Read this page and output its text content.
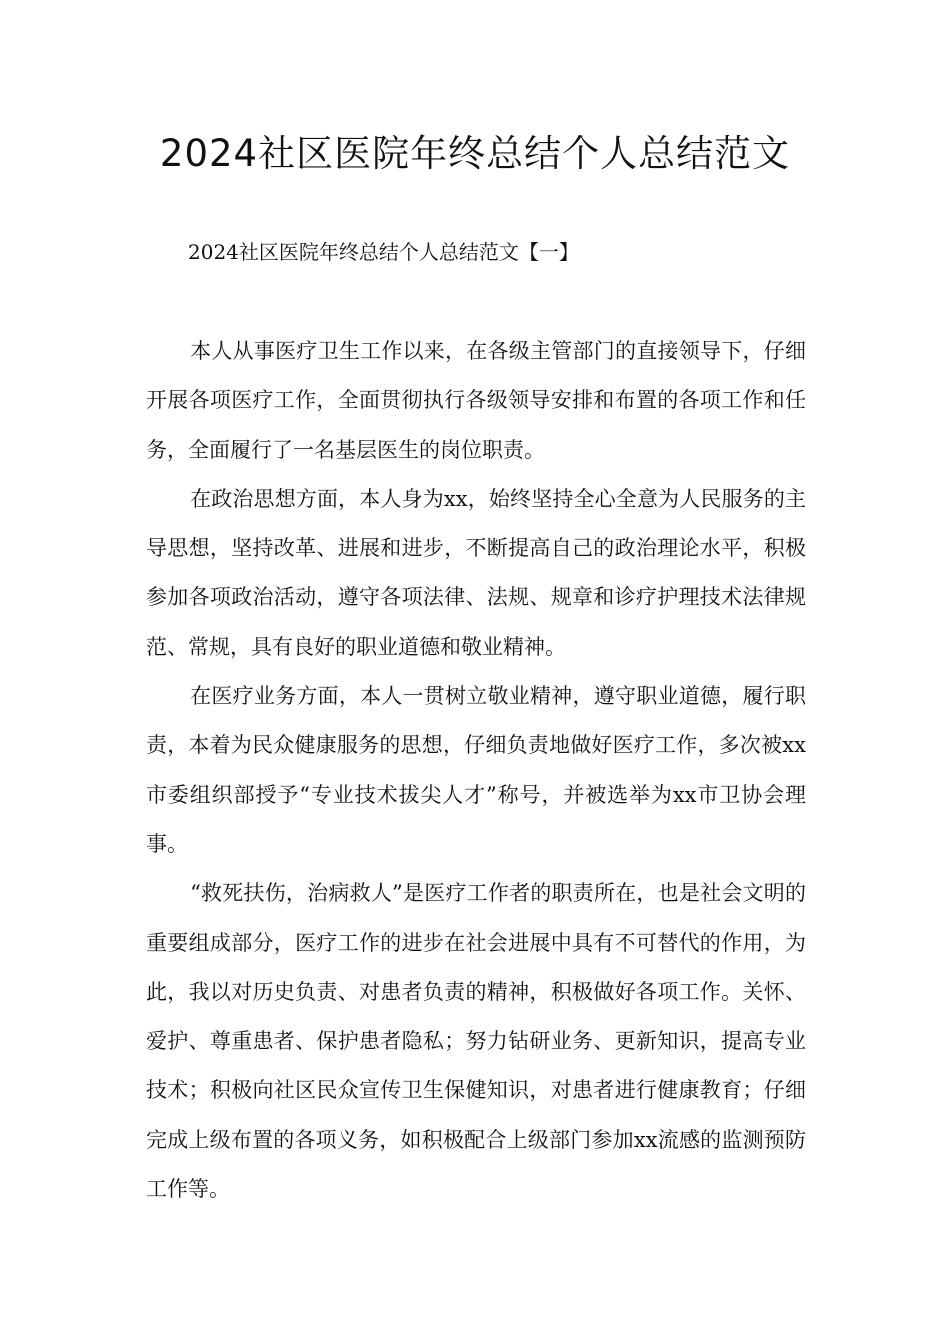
2024社区医院年终总结个人总结范文
2024社区医院年终总结个人总结范文【一】

本人从事医疗卫生工作以来，在各级主管部门的直接领导下，仔细开展各项医疗工作，全面贯彻执行各级领导安排和布置的各项工作和任务，全面履行了一名基层医生的岗位职责。

在政治思想方面，本人身为xx，始终坚持全心全意为人民服务的主导思想，坚持改革、进展和进步，不断提高自己的政治理论水平，积极参加各项政治活动，遵守各项法律、法规、规章和诊疗护理技术法律规范、常规，具有良好的职业道德和敬业精神。

在医疗业务方面，本人一贯树立敬业精神，遵守职业道德，履行职责，本着为民众健康服务的思想，仔细负责地做好医疗工作，多次被xx市委组织部授予“专业技术拔尖人才”称号，并被选举为xx市卫协会理事。

“救死扶伤，治病救人”是医疗工作者的职责所在，也是社会文明的重要组成部分，医疗工作的进步在社会进展中具有不可替代的作用，为此，我以对历史负责、对患者负责的精神，积极做好各项工作。关怀、爱护、尊重患者、保护患者隐私；努力钻研业务、更新知识，提高专业技术；积极向社区民众宣传卫生保健知识，对患者进行健康教育；仔细完成上级布置的各项义务，如积极配合上级部门参加xx流感的监测预防工作等。
